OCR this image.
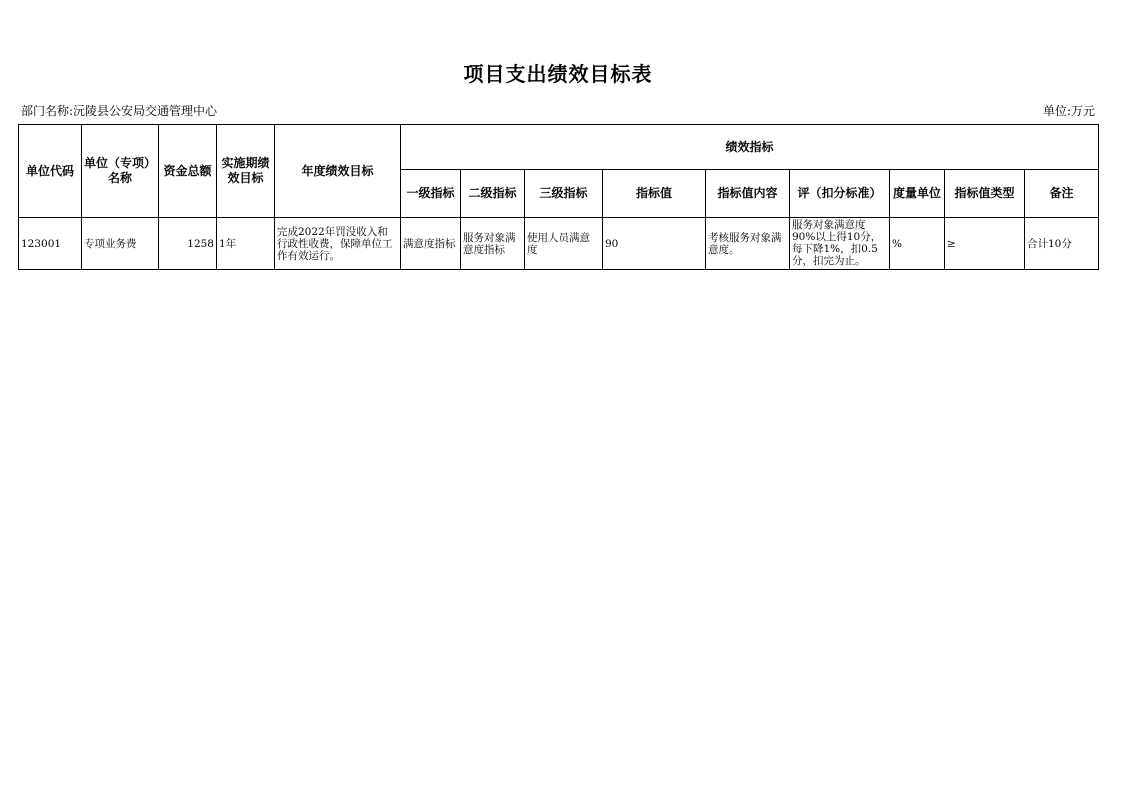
项目支出绩效目标表
部门名称:沅陵县公安局交通管理中心	单位:万元
单位代码	单位（专项）名称	资金总额	实施期绩效目标	年度绩效目标	绩效指标								
					一级指标	二级指标	三级指标	指标值	指标值内容	评（扣分标准）	度量单位	指标值类型	备注
123001	专项业务费	1258	1年	完成2022年罚没收入和行政性收费，保障单位工作有效运行。	满意度指标	服务对象满意度指标	使用人员满意度	90	考核服务对象满意度。	服务对象满意度90%以上得10分，每下降1%，扣0.5分，扣完为止。	%	≥	合计10分
